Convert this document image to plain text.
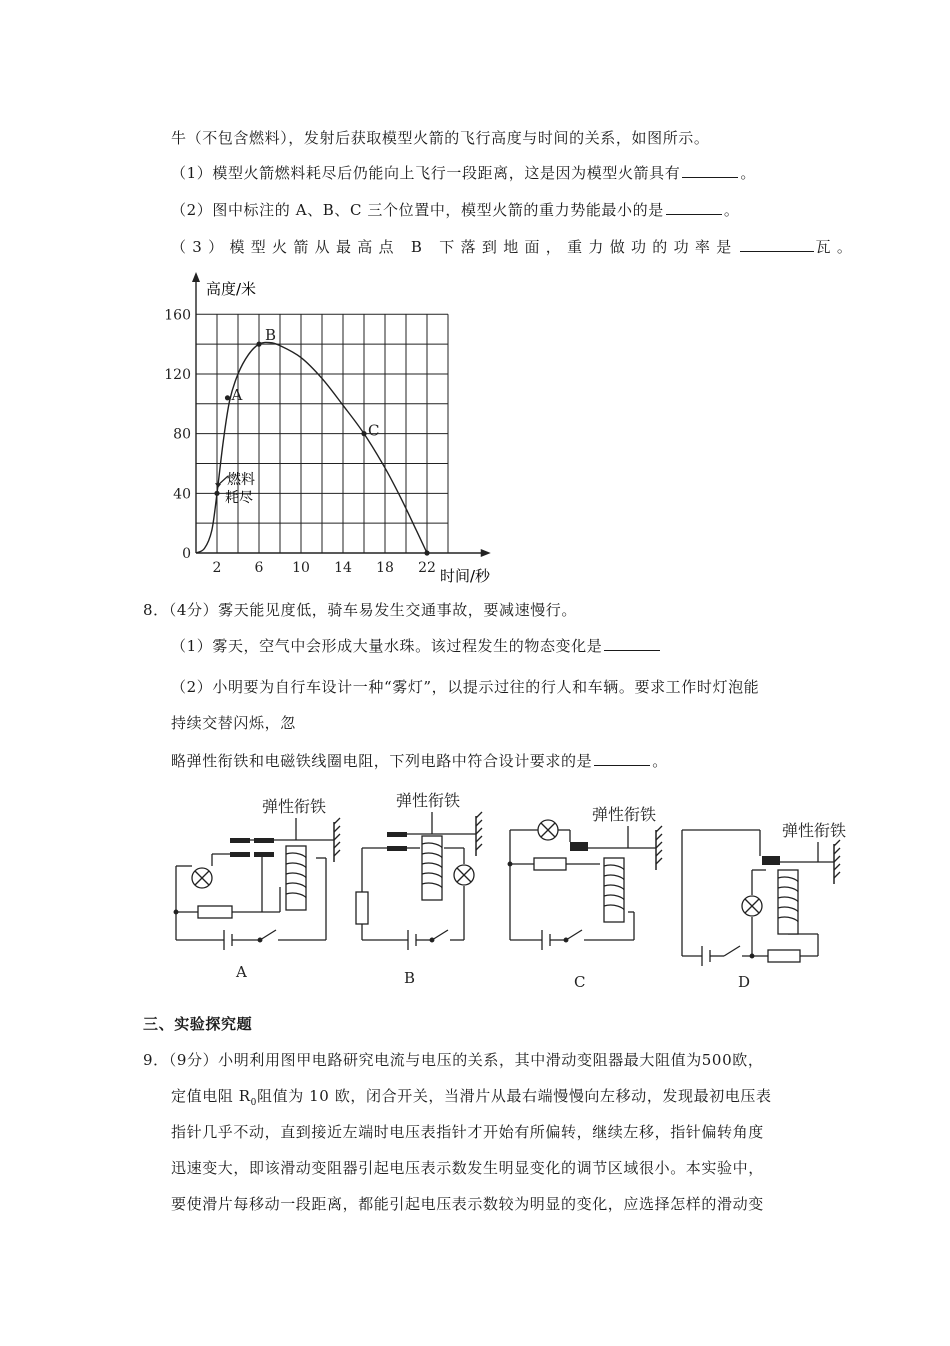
牛（不包含燃料），发射后获取模型火箭的飞行高度与时间的关系，如图所示。
（1）模型火箭燃料耗尽后仍能向上飞行一段距离，这是因为模型火箭具有	。
（2）图中标注的 A、B、C 三个位置中，模型火箭的重力势能最小的是	。
（3）模型火箭从最高点 B 下落到地面，重力做功的功率是	瓦。
2 6 10 14 18 22
0
40
80
120
160
A
B
C
高度/米
时间/秒
燃料
耗尽
8．（4分）雾天能见度低，骑车易发生交通事故，要减速慢行。
（1）雾天，空气中会形成大量水珠。该过程发生的物态变化是
（2）小明要为自行车设计一种“雾灯”，以提示过往的行人和车辆。要求工作时灯泡能
持续交替闪烁，忽
略弹性衔铁和电磁铁线圈电阻，下列电路中符合设计要求的是	。
弹性衔铁
A
弹性衔铁
B
弹性衔铁
C
弹性衔铁
D
三、实验探究题
9．（9分）小明利用图甲电路研究电流与电压的关系，其中滑动变阻器最大阻值为500欧，
定值电阻 $R_0$阻值为 10 欧，闭合开关，当滑片从最右端慢慢向左移动，发现最初电压表
指针几乎不动，直到接近左端时电压表指针才开始有所偏转，继续左移，指针偏转角度
迅速变大，即该滑动变阻器引起电压表示数发生明显变化的调节区域很小。本实验中，
要使滑片每移动一段距离，都能引起电压表示数较为明显的变化，应选择怎样的滑动变
